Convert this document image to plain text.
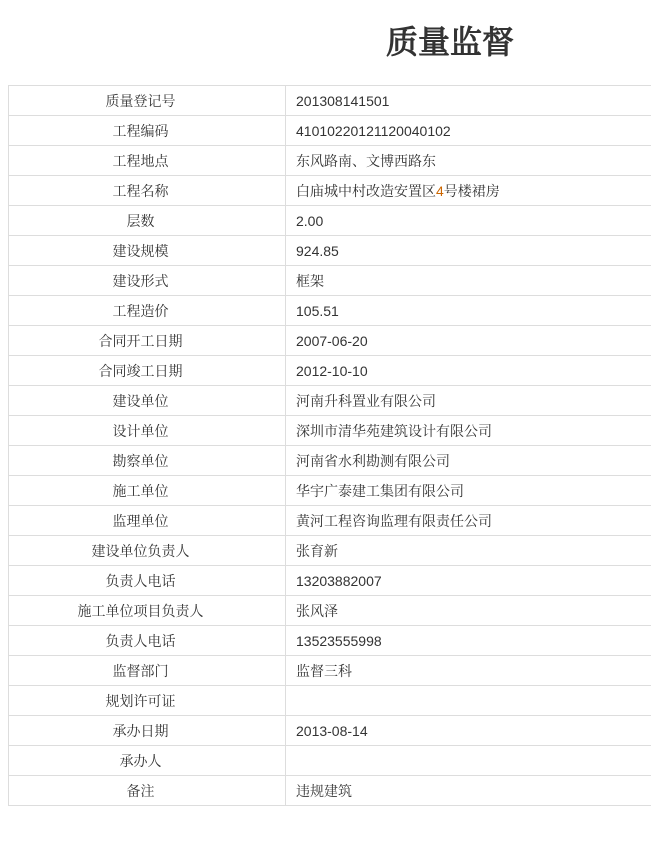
质量监督
质量登记号	201308141501
工程编码	41010220121120040102
工程地点	东风路南、文博西路东
工程名称	白庙城中村改造安置区4号楼裙房
层数	2.00
建设规模	924.85
建设形式	框架
工程造价	105.51
合同开工日期	2007-06-20
合同竣工日期	2012-10-10
建设单位	河南升科置业有限公司
设计单位	深圳市清华苑建筑设计有限公司
勘察单位	河南省水利勘测有限公司
施工单位	华宇广泰建工集团有限公司
监理单位	黄河工程咨询监理有限责任公司
建设单位负责人	张育新
负责人电话	13203882007
施工单位项目负责人	张风泽
负责人电话	13523555998
监督部门	监督三科
规划许可证	
承办日期	2013-08-14
承办人	
备注	违规建筑
